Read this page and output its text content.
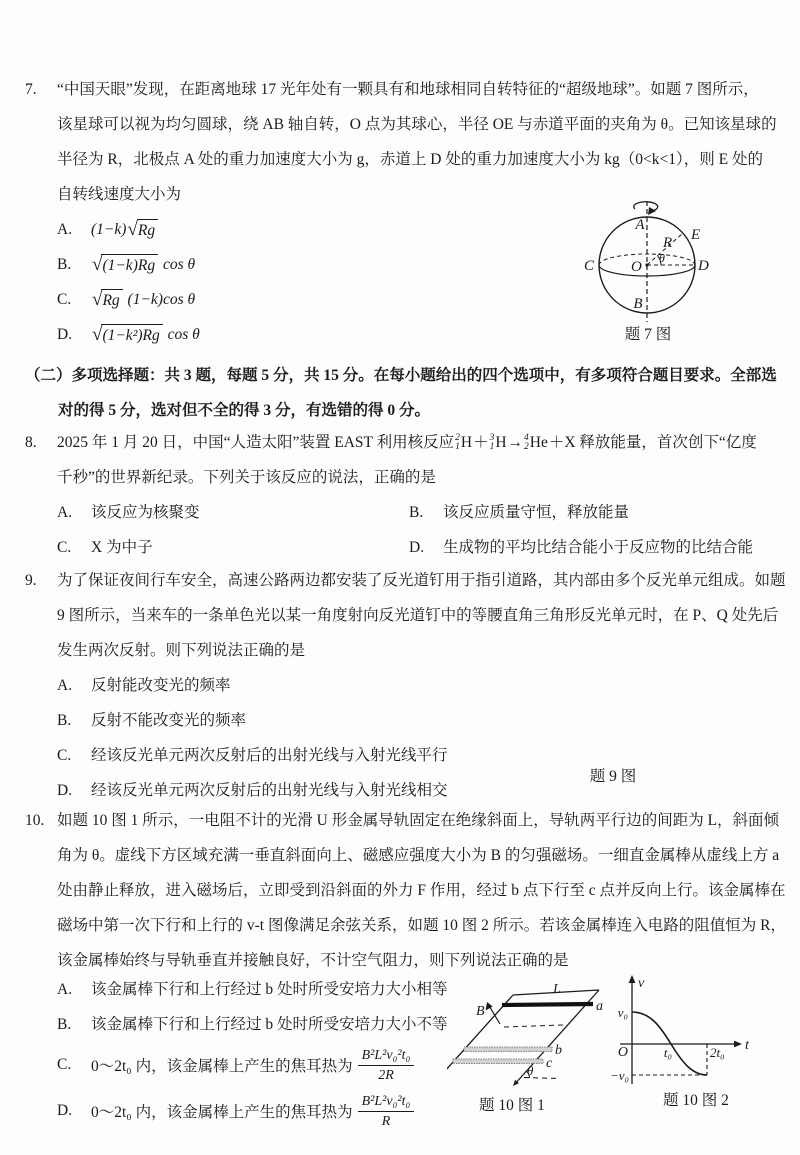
7.	“中国天眼”发现，在距离地球 17 光年处有一颗具有和地球相同自转特征的“超级地球”。如题 7 图所示，
该星球可以视为均匀圆球，绕 AB 轴自转，O 点为其球心，半径 OE 与赤道平面的夹角为 θ。已知该星球的
半径为 R，北极点 A 处的重力加速度大小为 g，赤道上 D 处的重力加速度大小为 kg（0<k<1），则 E 处的
自转线速度大小为
A.	(1−k) √ Rg
B.	√ (1−k)Rg cos θ
C.	√ Rg (1−k)cos θ
D.	√ (1−k²)Rg cos θ
（二）多项选择题：共 3 题，每题 5 分，共 15 分。在每小题给出的四个选项中，有多项符合题目要求。全部选
对的得 5 分，选对但不全的得 3 分，有选错的得 0 分。
8.	2025 年 1 月 20 日，中国“人造太阳”装置 EAST 利用核反应 2
1 H ＋ 3
1 H → 4
2 He ＋X 释放能量，首次创下“亿度
千秒”的世界新纪录。下列关于该反应的说法，正确的是
A.	该反应为核聚变	B.	该反应质量守恒，释放能量
C.	X 为中子	D.	生成物的平均比结合能小于反应物的比结合能
9.	为了保证夜间行车安全，高速公路两边都安装了反光道钉用于指引道路，其内部由多个反光单元组成。如题
9 图所示，当来车的一条单色光以某一角度射向反光道钉中的等腰直角三角形反光单元时，在 P、Q 处先后
发生两次反射。则下列说法正确的是
A.	反射能改变光的频率
B.	反射不能改变光的频率
C.	经该反光单元两次反射后的出射光线与入射光线平行
D.	经该反光单元两次反射后的出射光线与入射光线相交
10. 如题 10 图 1 所示，一电阻不计的光滑 U 形金属导轨固定在绝缘斜面上，导轨两平行边的间距为 L，斜面倾
角为 θ。虚线下方区域充满一垂直斜面向上、磁感应强度大小为 B 的匀强磁场。一细直金属棒从虚线上方 a
处由静止释放，进入磁场后，立即受到沿斜面的外力 F 作用，经过 b 点下行至 c 点并反向上行。该金属棒在
磁场中第一次下行和上行的 v-t 图像满足余弦关系，如题 10 图 2 所示。若该金属棒连入电路的阻值恒为 R，
该金属棒始终与导轨垂直并接触良好，不计空气阻力，则下列说法正确的是
A.	该金属棒下行和上行经过 b 处时所受安培力大小相等
B.	该金属棒下行和上行经过 b 处时所受安培力大小不等
C.	0～2t₀ 内，该金属棒上产生的焦耳热为 $\frac{\text{B²L²v₀²t₀}}{2R}$
D.	0～2t₀ 内，该金属棒上产生的焦耳热为 $\frac{\text{B²L²v₀²t₀}}{R}$
A
B
C	D
E
O
R
θ
题 7 图
题 9 图
L
B	a
b
c
θ
题 10 图 1
v
t
O
v₀
−v₀
t₀	2t₀
题 10 图 2
